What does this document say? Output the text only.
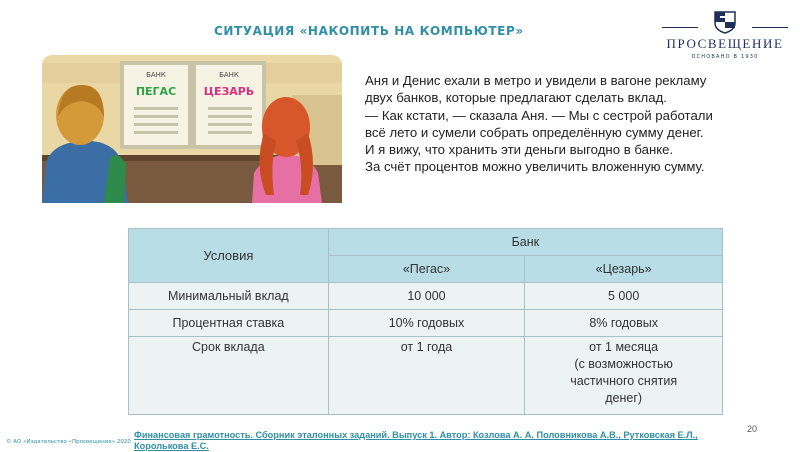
СИТУАЦИЯ «НАКОПИТЬ НА КОМПЬЮТЕР»
ПРОСВЕЩЕНИЕ
ОСНОВАНО В 1930
БАНК
ПЕГАС
БАНК
ЦЕЗАРЬ

Аня и Денис ехали в метро и увидели в вагоне рекламу

двух банков, которые предлагают сделать вклад.

— Как кстати, — сказала Аня. — Мы с сестрой работали

всё лето и сумели собрать определённую сумму денег.

И я вижу, что хранить эти деньги выгодно в банке.

За счёт процентов можно увеличить вложенную сумму.

Условия	Банк	
	«Пегас»	«Цезарь»
Минимальный вклад	10 000	5 000
Процентная ставка	10% годовых	8% годовых
Срок вклада	от 1 года	от 1 месяца
(с возможностью
частичного снятия
денег)
© АО «Издательство «Просвещение» 2020
Финансовая грамотность. Сборник эталонных заданий. Выпуск 1. Автор: Козлова А. А. Половникова А.В., Рутковская Е.Л.,
Королькова Е.С.
20
